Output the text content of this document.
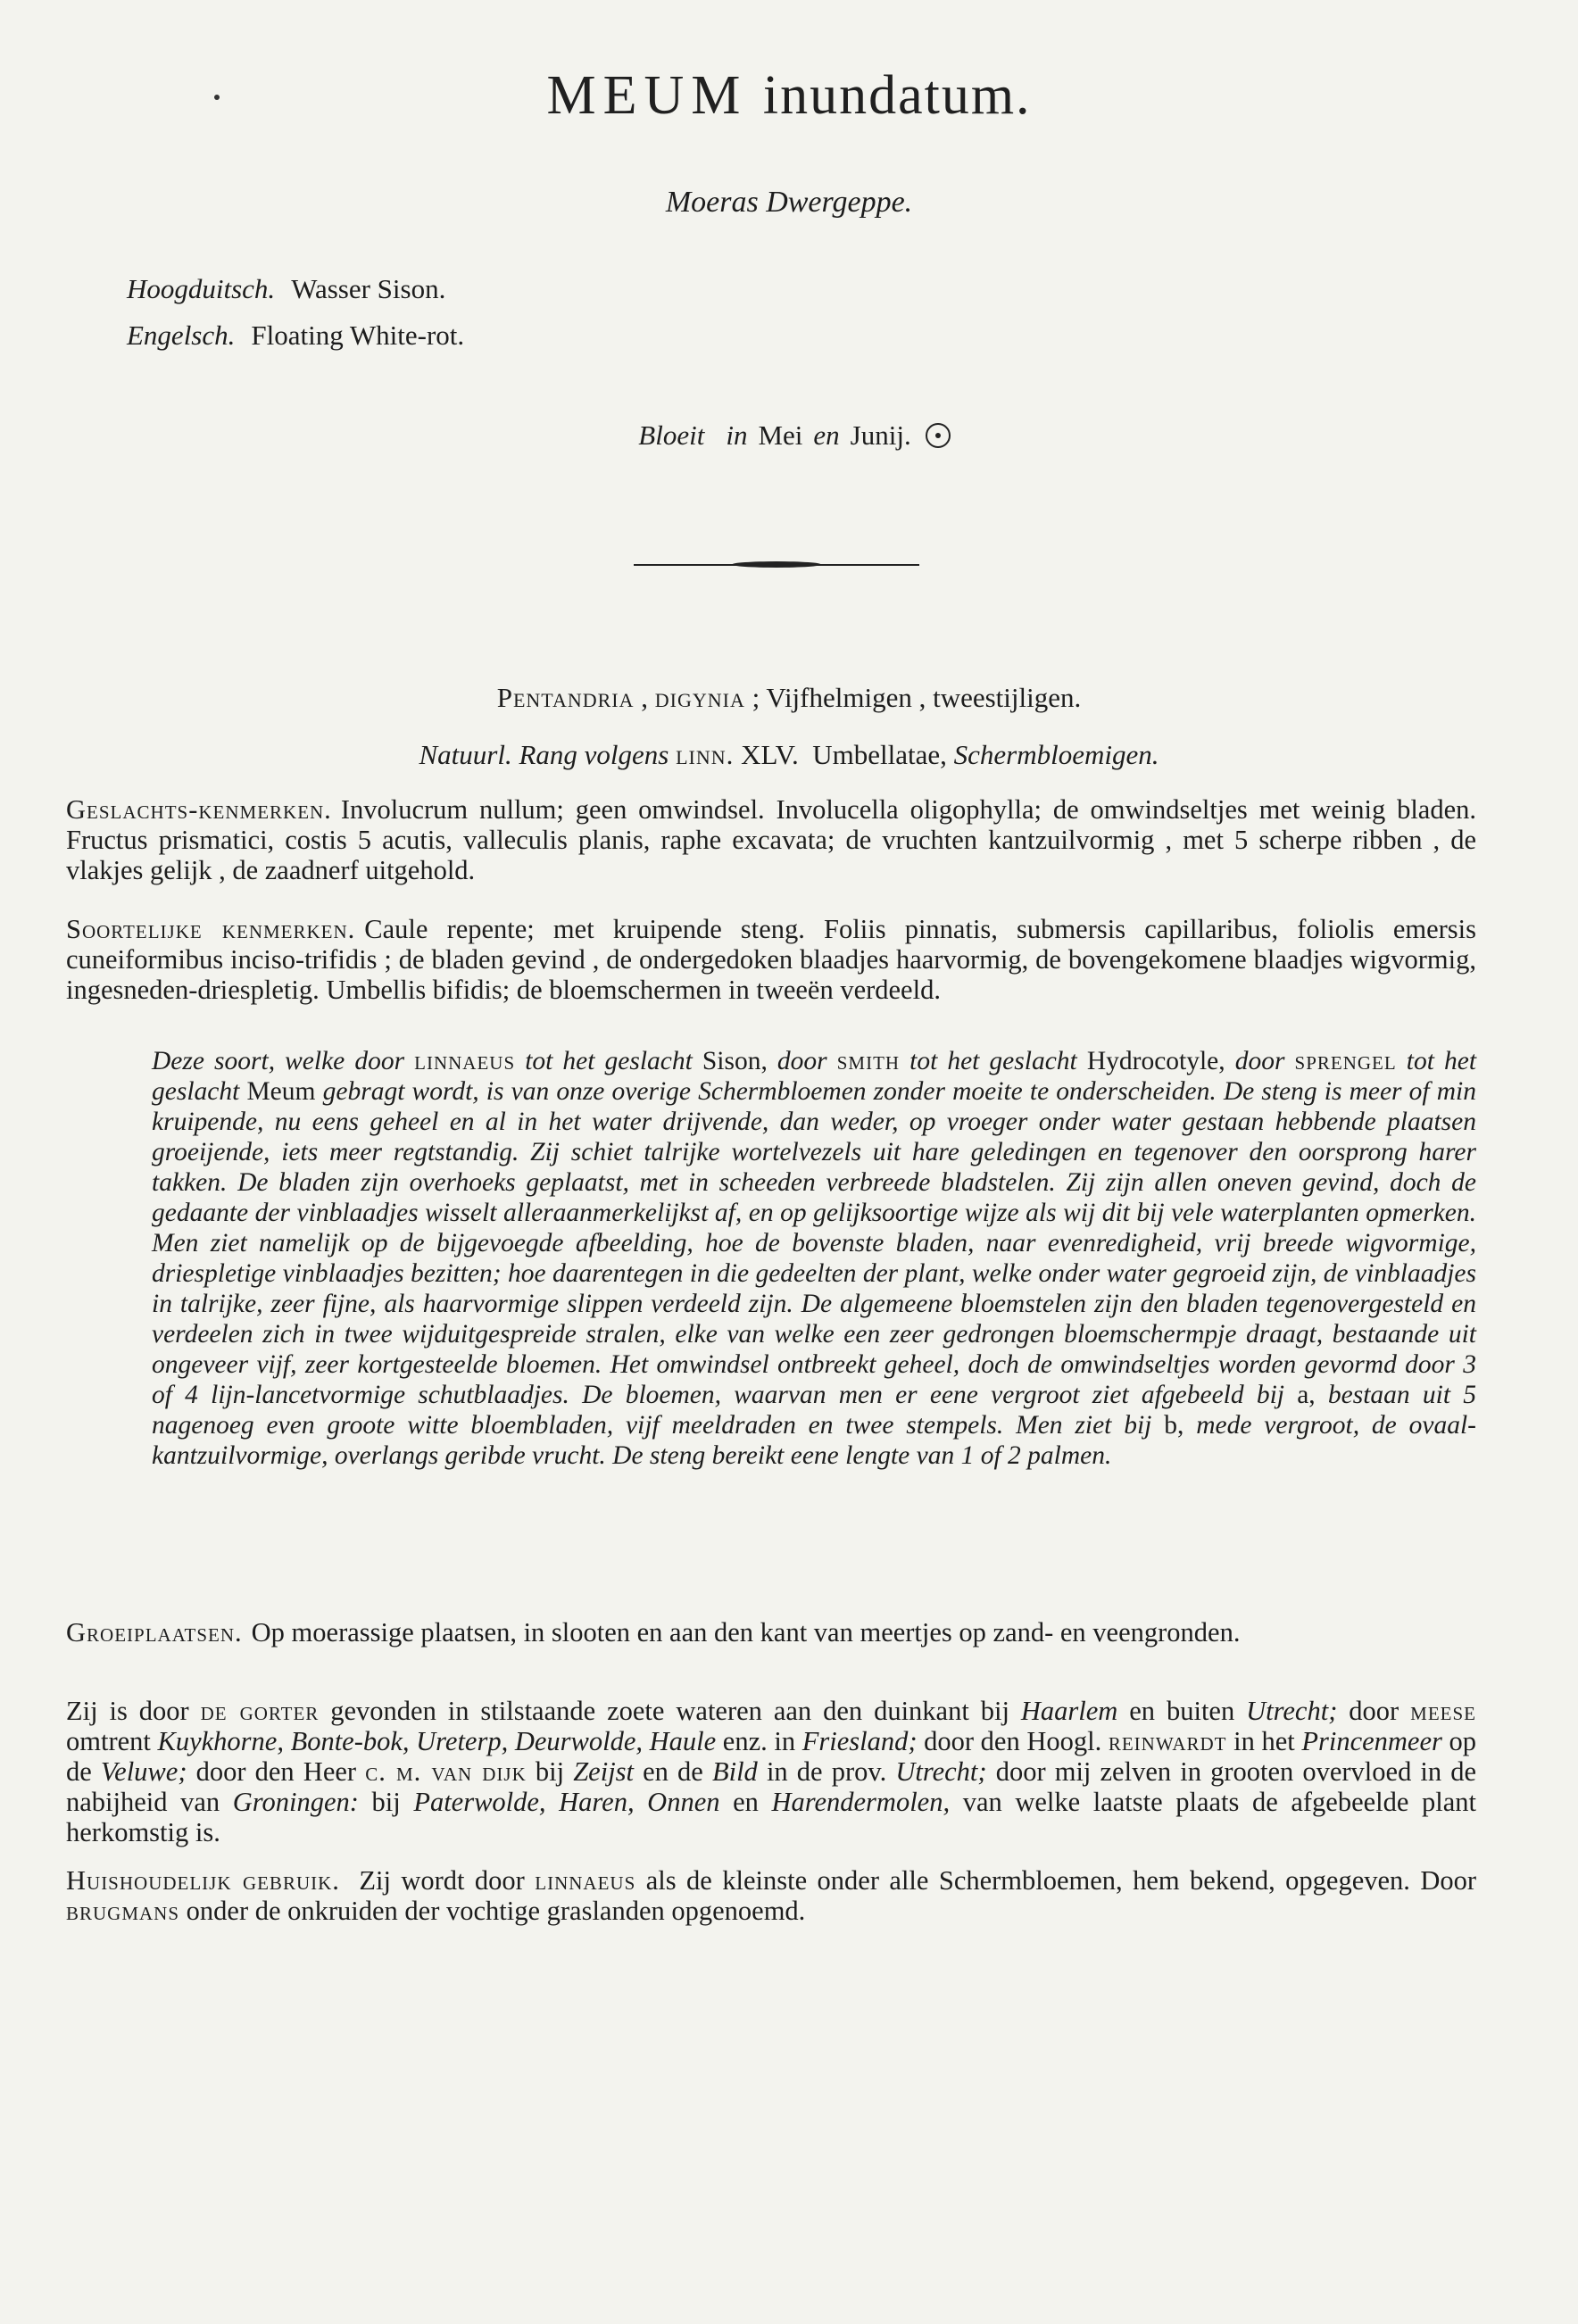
MEUM inundatum.
Moeras Dwergeppe.
Hoogduitsch. Wasser Sison.
Engelsch. Floating White-rot.
Bloeit in Mei en Junij.
Pentandria , digynia ; Vijfhelmigen , tweestijligen.
Natuurl. Rang volgens linn. XLV. Umbellatae, Schermbloemigen.
Geslachts-kenmerken. Involucrum nullum; geen omwindsel. Involucella oligophylla; de omwindseltjes met weinig bladen. Fructus prismatici, costis 5 acutis, valleculis planis, raphe excavata; de vruchten kantzuilvormig , met 5 scherpe ribben , de vlakjes gelijk , de zaadnerf uitgehold.
Soortelijke kenmerken. Caule repente; met kruipende steng. Foliis pinnatis, submersis capillaribus, foliolis emersis cuneiformibus inciso-trifidis ; de bladen gevind , de ondergedoken blaadjes haarvormig, de bovengekomene blaadjes wigvormig, ingesneden-driespletig. Umbellis bifidis; de bloemschermen in tweeën verdeeld.
Deze soort, welke door linnaeus tot het geslacht Sison, door smith tot het geslacht Hydrocotyle, door sprengel tot het geslacht Meum gebragt wordt, is van onze overige Schermbloemen zonder moeite te onderscheiden. De steng is meer of min kruipende, nu eens geheel en al in het water drijvende, dan weder, op vroeger onder water gestaan hebbende plaatsen groeijende, iets meer regtstandig. Zij schiet talrijke wortelvezels uit hare geledingen en tegenover den oorsprong harer takken. De bladen zijn overhoeks geplaatst, met in scheeden verbreede bladstelen. Zij zijn allen oneven gevind, doch de gedaante der vinblaadjes wisselt alleraanmerkelijkst af, en op gelijksoortige wijze als wij dit bij vele waterplanten opmerken. Men ziet namelijk op de bijgevoegde afbeelding, hoe de bovenste bladen, naar evenredigheid, vrij breede wigvormige, driespletige vinblaadjes bezitten; hoe daarentegen in die gedeelten der plant, welke onder water gegroeid zijn, de vinblaadjes in talrijke, zeer fijne, als haarvormige slippen verdeeld zijn. De algemeene bloemstelen zijn den bladen tegenovergesteld en verdeelen zich in twee wijduitgespreide stralen, elke van welke een zeer gedrongen bloemschermpje draagt, bestaande uit ongeveer vijf, zeer kortgesteelde bloemen. Het omwindsel ontbreekt geheel, doch de omwindseltjes worden gevormd door 3 of 4 lijn-lancetvormige schutblaadjes. De bloemen, waarvan men er eene vergroot ziet afgebeeld bij a, bestaan uit 5 nagenoeg even groote witte bloembladen, vijf meeldraden en twee stempels. Men ziet bij b, mede vergroot, de ovaal-kantzuilvormige, overlangs geribde vrucht. De steng bereikt eene lengte van 1 of 2 palmen.
Groeiplaatsen. Op moerassige plaatsen, in slooten en aan den kant van meertjes op zand- en veengronden.
Zij is door de gorter gevonden in stilstaande zoete wateren aan den duinkant bij Haarlem en buiten Utrecht; door meese omtrent Kuykhorne, Bonte-bok, Ureterp, Deurwolde, Haule enz. in Friesland; door den Hoogl. reinwardt in het Princenmeer op de Veluwe; door den Heer c. m. van dijk bij Zeijst en de Bild in de prov. Utrecht; door mij zelven in grooten overvloed in de nabijheid van Groningen: bij Paterwolde, Haren, Onnen en Harendermolen, van welke laatste plaats de afgebeelde plant herkomstig is.
Huishoudelijk gebruik. Zij wordt door linnaeus als de kleinste onder alle Schermbloemen, hem bekend, opgegeven. Door brugmans onder de onkruiden der vochtige graslanden opgenoemd.
